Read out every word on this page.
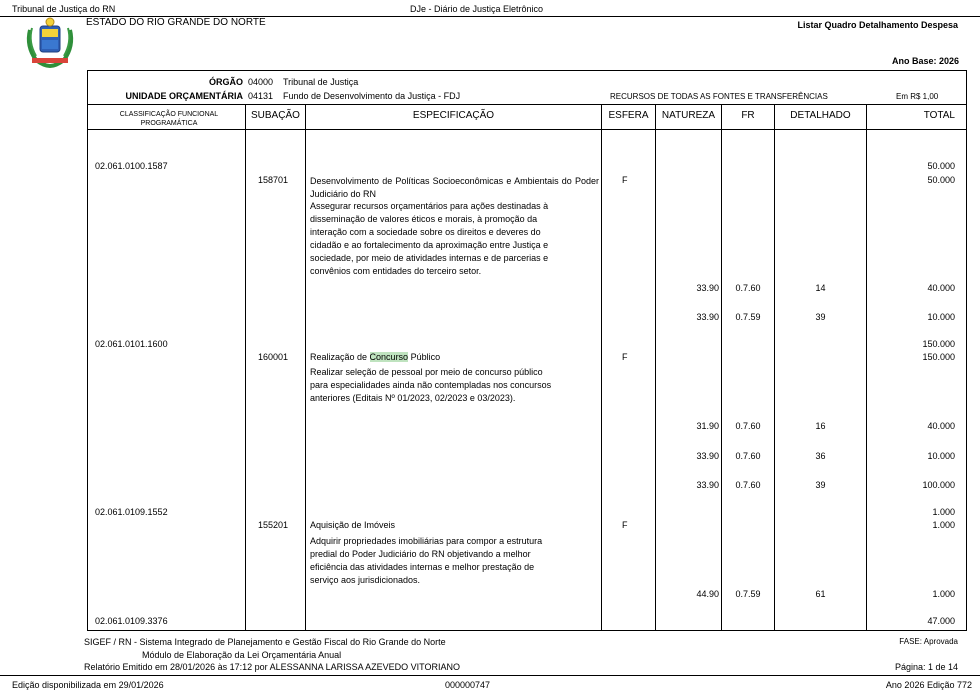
Tribunal de Justiça do RN	DJe - Diário de Justiça Eletrônico
ESTADO DO RIO GRANDE DO NORTE	Listar Quadro Detalhamento Despesa
Ano Base: 2026
ÓRGÃO 04000 Tribunal de Justiça
UNIDADE ORÇAMENTÁRIA 04131 Fundo de Desenvolvimento da Justiça - FDJ	RECURSOS DE TODAS AS FONTES E TRANSFERÊNCIAS	Em R$ 1,00
CLASSIFICAÇÃO FUNCIONAL PROGRAMÁTICA
SUBAÇÃO	ESPECIFICAÇÃO	ESFERA	NATUREZA	FR	DETALHADO	TOTAL
02.061.0100.1587	50.000
158701 Desenvolvimento de Políticas Socioeconômicas e Ambientais do Poder Judiciário do RN
Assegurar recursos orçamentários para ações destinadas à disseminação de valores éticos e morais, à promoção da interação com a sociedade sobre os direitos e deveres do cidadão e ao fortalecimento da aproximação entre Justiça e sociedade, por meio de atividades internas e de parcerias e convênios com entidades do terceiro setor.
F	50.000
33.90	0.7.60	14	40.000
33.90	0.7.59	39	10.000
02.061.0101.1600	150.000
160001 Realização de Concurso Público
Realizar seleção de pessoal por meio de concurso público para especialidades ainda não contempladas nos concursos anteriores (Editais Nº 01/2023, 02/2023 e 03/2023).
F	150.000
31.90	0.7.60	16	40.000
33.90	0.7.60	36	10.000
33.90	0.7.60	39	100.000
02.061.0109.1552	1.000
155201 Aquisição de Imóveis
Adquirir propriedades imobiliárias para compor a estrutura predial do Poder Judiciário do RN objetivando a melhor eficiência das atividades internas e melhor prestação de serviço aos jurisdicionados.
F	1.000
44.90	0.7.59	61	1.000
02.061.0109.3376	47.000
SIGEF / RN - Sistema Integrado de Planejamento e Gestão Fiscal do Rio Grande do Norte
Módulo de Elaboração da Lei Orçamentária Anual
Relatório Emitido em 28/01/2026 às 17:12 por ALESSANNA LARISSA AZEVEDO VITORIANO
FASE: Aprovada
Página: 1 de 14
Edição disponibilizada em 29/01/2026	000000747	Ano 2026 Edição 772
